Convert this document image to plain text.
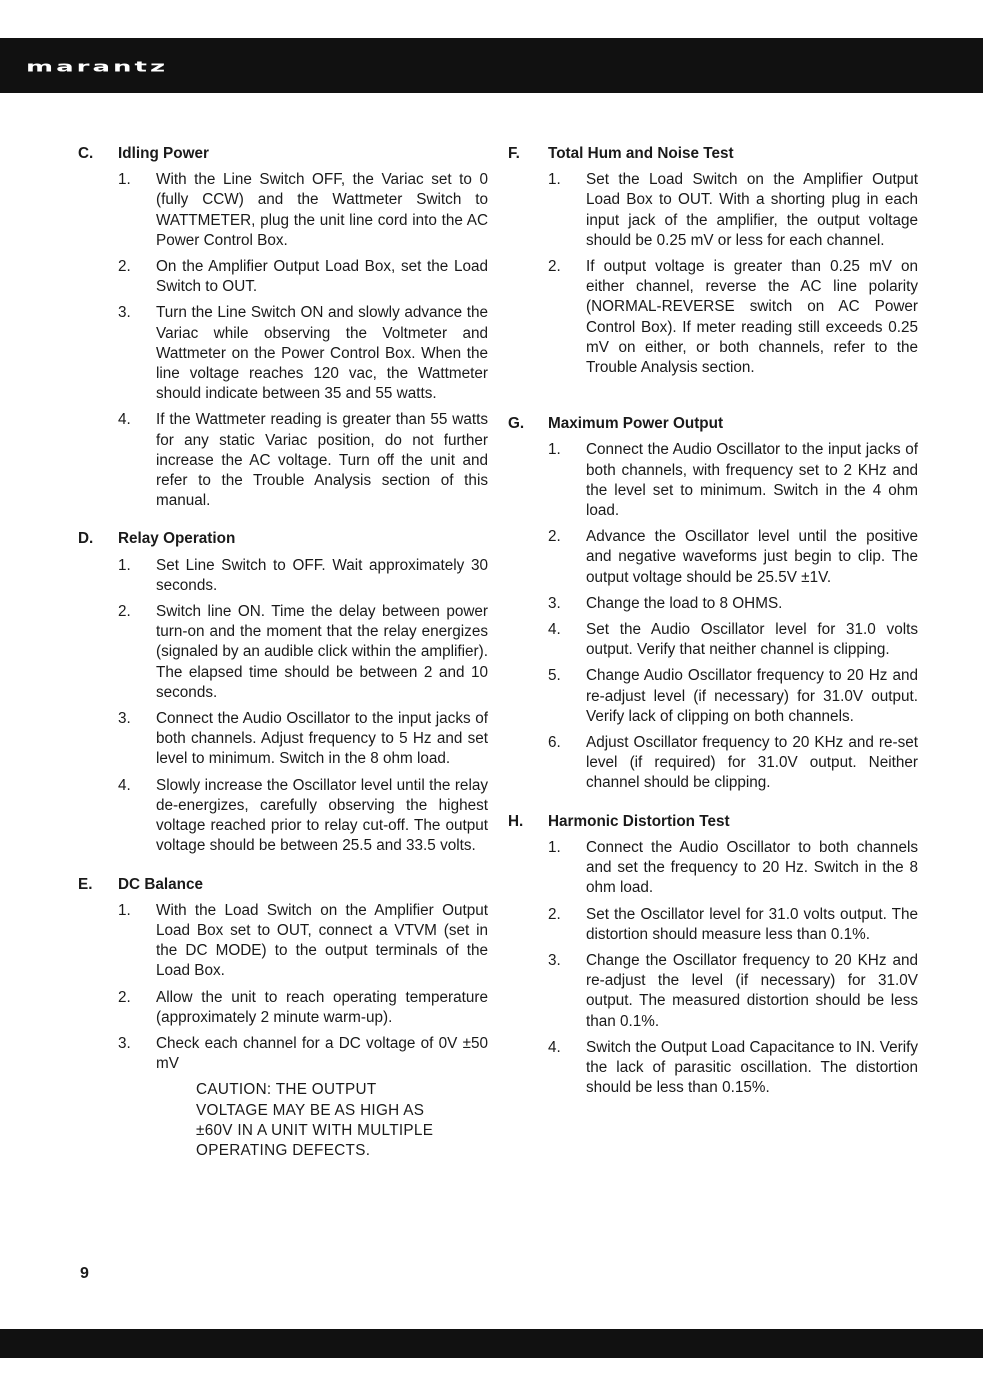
marantz
C.	Idling Power
1.	With the Line Switch OFF, the Variac set to 0 (fully CCW) and the Wattmeter Switch to WATTMETER, plug the unit line cord into the AC Power Control Box.
2.	On the Amplifier Output Load Box, set the Load Switch to OUT.
3.	Turn the Line Switch ON and slowly advance the Variac while observing the Voltmeter and Wattmeter on the Power Control Box. When the line voltage reaches 120 vac, the Wattmeter should indicate between 35 and 55 watts.
4.	If the Wattmeter reading is greater than 55 watts for any static Variac position, do not further increase the AC voltage. Turn off the unit and refer to the Trouble Analysis section of this manual.
D.	Relay Operation
1.	Set Line Switch to OFF. Wait approximately 30 seconds.
2.	Switch line ON. Time the delay between power turn-on and the moment that the relay energizes (signaled by an audible click within the amplifier). The elapsed time should be between 2 and 10 seconds.
3.	Connect the Audio Oscillator to the input jacks of both channels. Adjust frequency to 5 Hz and set level to minimum. Switch in the 8 ohm load.
4.	Slowly increase the Oscillator level until the relay de-energizes, carefully observing the highest voltage reached prior to relay cut-off. The output voltage should be between 25.5 and 33.5 volts.
E.	DC Balance
1.	With the Load Switch on the Amplifier Output Load Box set to OUT, connect a VTVM (set in the DC MODE) to the output terminals of the Load Box.
2.	Allow the unit to reach operating temperature (approximately 2 minute warm-up).
3.	Check each channel for a DC voltage of 0V ±50 mV
CAUTION: THE OUTPUT VOLTAGE MAY BE AS HIGH AS ±60V IN A UNIT WITH MULTIPLE OPERATING DEFECTS.
F.	Total Hum and Noise Test
1.	Set the Load Switch on the Amplifier Output Load Box to OUT. With a shorting plug in each input jack of the amplifier, the output voltage should be 0.25 mV or less for each channel.
2.	If output voltage is greater than 0.25 mV on either channel, reverse the AC line polarity (NORMAL-REVERSE switch on AC Power Control Box). If meter reading still exceeds 0.25 mV on either, or both channels, refer to the Trouble Analysis section.
G.	Maximum Power Output
1.	Connect the Audio Oscillator to the input jacks of both channels, with frequency set to 2 KHz and the level set to minimum. Switch in the 4 ohm load.
2.	Advance the Oscillator level until the positive and negative waveforms just begin to clip. The output voltage should be 25.5V ±1V.
3.	Change the load to 8 OHMS.
4.	Set the Audio Oscillator level for 31.0 volts output. Verify that neither channel is clipping.
5.	Change Audio Oscillator frequency to 20 Hz and re-adjust level (if necessary) for 31.0V output. Verify lack of clipping on both channels.
6.	Adjust Oscillator frequency to 20 KHz and re-set level (if required) for 31.0V output. Neither channel should be clipping.
H.	Harmonic Distortion Test
1.	Connect the Audio Oscillator to both channels and set the frequency to 20 Hz. Switch in the 8 ohm load.
2.	Set the Oscillator level for 31.0 volts output. The distortion should measure less than 0.1%.
3.	Change the Oscillator frequency to 20 KHz and re-adjust the level (if necessary) for 31.0V output. The measured distortion should be less than 0.1%.
4.	Switch the Output Load Capacitance to IN. Verify the lack of parasitic oscillation. The distortion should be less than 0.15%.
9
